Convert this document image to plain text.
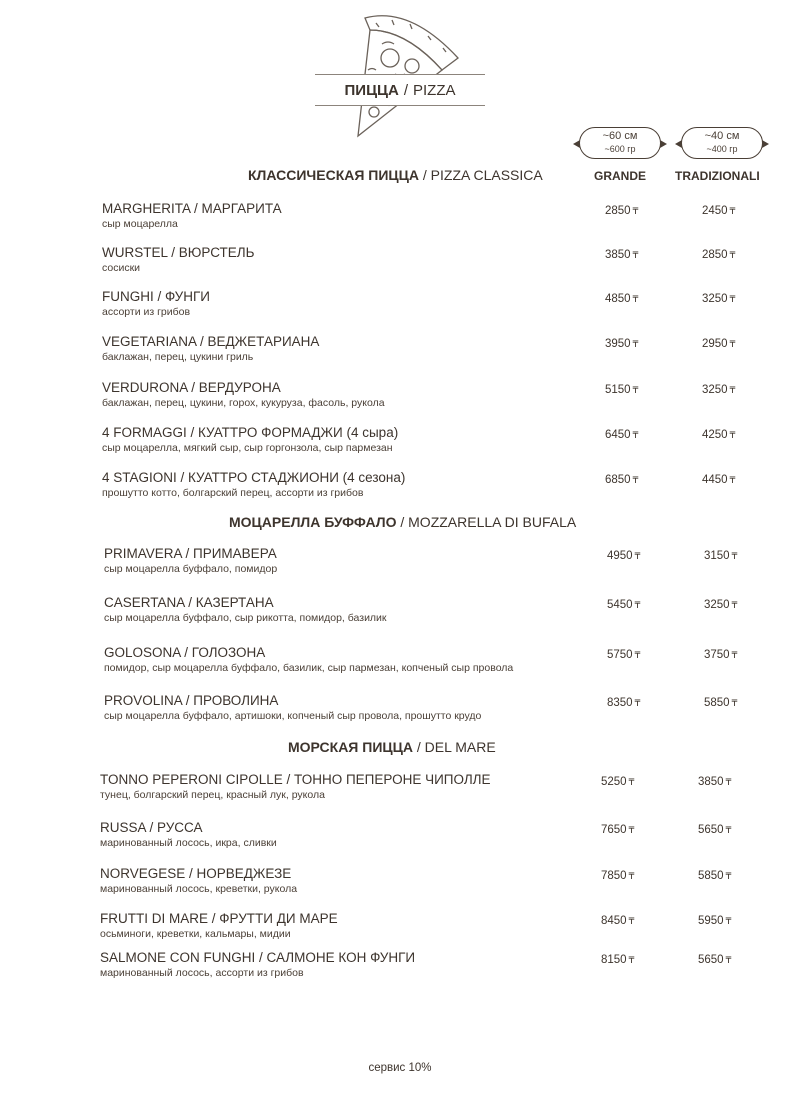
ПИЦЦА / PIZZA
~60 см
~600 гр
~40 см
~400 гр
GRANDE TRADIZIONALI
КЛАССИЧЕСКАЯ ПИЦЦА / PIZZA CLASSICA
MARGHERITA / МАРГАРИТА
сыр моцарелла
2850 ₸	2450 ₸
WURSTEL / ВЮРСТЕЛЬ
сосиски
3850 ₸	2850 ₸
FUNGHI / ФУНГИ
ассорти из грибов
4850 ₸	3250 ₸
VEGETARIANA / ВЕДЖЕТАРИАНА
баклажан, перец, цукини гриль
3950 ₸	2950 ₸
VERDURONA / ВЕРДУРОНА
баклажан, перец, цукини, горох, кукуруза, фасоль, рукола
5150 ₸	3250 ₸
4 FORMAGGI / КУАТТРО ФОРМАДЖИ (4 сыра)
сыр моцарелла, мягкий сыр, сыр горгонзола, сыр пармезан
6450 ₸	4250 ₸
4 STAGIONI / КУАТТРО СТАДЖИОНИ (4 сезона)
прошутто котто, болгарский перец, ассорти из грибов
6850 ₸	4450 ₸
МОЦАРЕЛЛА БУФФАЛО / MOZZARELLA DI BUFALA
PRIMAVERA / ПРИМАВЕРА
сыр моцарелла буффало, помидор
4950 ₸	3150 ₸
CASERTANA / КАЗЕРТАНА
сыр моцарелла буффало, сыр рикотта, помидор, базилик
5450 ₸	3250 ₸
GOLOSONA / ГОЛОЗОНА
помидор, сыр моцарелла буффало, базилик, сыр пармезан, копченый сыр провола
5750 ₸	3750 ₸
PROVOLINA / ПРОВОЛИНА
сыр моцарелла буффало, артишоки, копченый сыр провола, прошутто крудо
8350 ₸	5850 ₸
МОРСКАЯ ПИЦЦА / DEL MARE
TONNO PEPERONI CIPOLLE / ТОННО ПЕПЕРОНЕ ЧИПОЛЛЕ
тунец, болгарский перец, красный лук, рукола
5250 ₸	3850 ₸
RUSSA / РУССА
маринованный лосось, икра, сливки
7650 ₸	5650 ₸
NORVEGESE / НОРВЕДЖЕЗЕ
маринованный лосось, креветки, рукола
7850 ₸	5850 ₸
FRUTTI DI MARE / ФРУТТИ ДИ МАРЕ
осьминоги, креветки, кальмары, мидии
8450 ₸	5950 ₸
SALMONE CON FUNGHI / САЛМОНЕ КОН ФУНГИ
маринованный лосось, ассорти из грибов
8150 ₸	5650 ₸
сервис 10%
